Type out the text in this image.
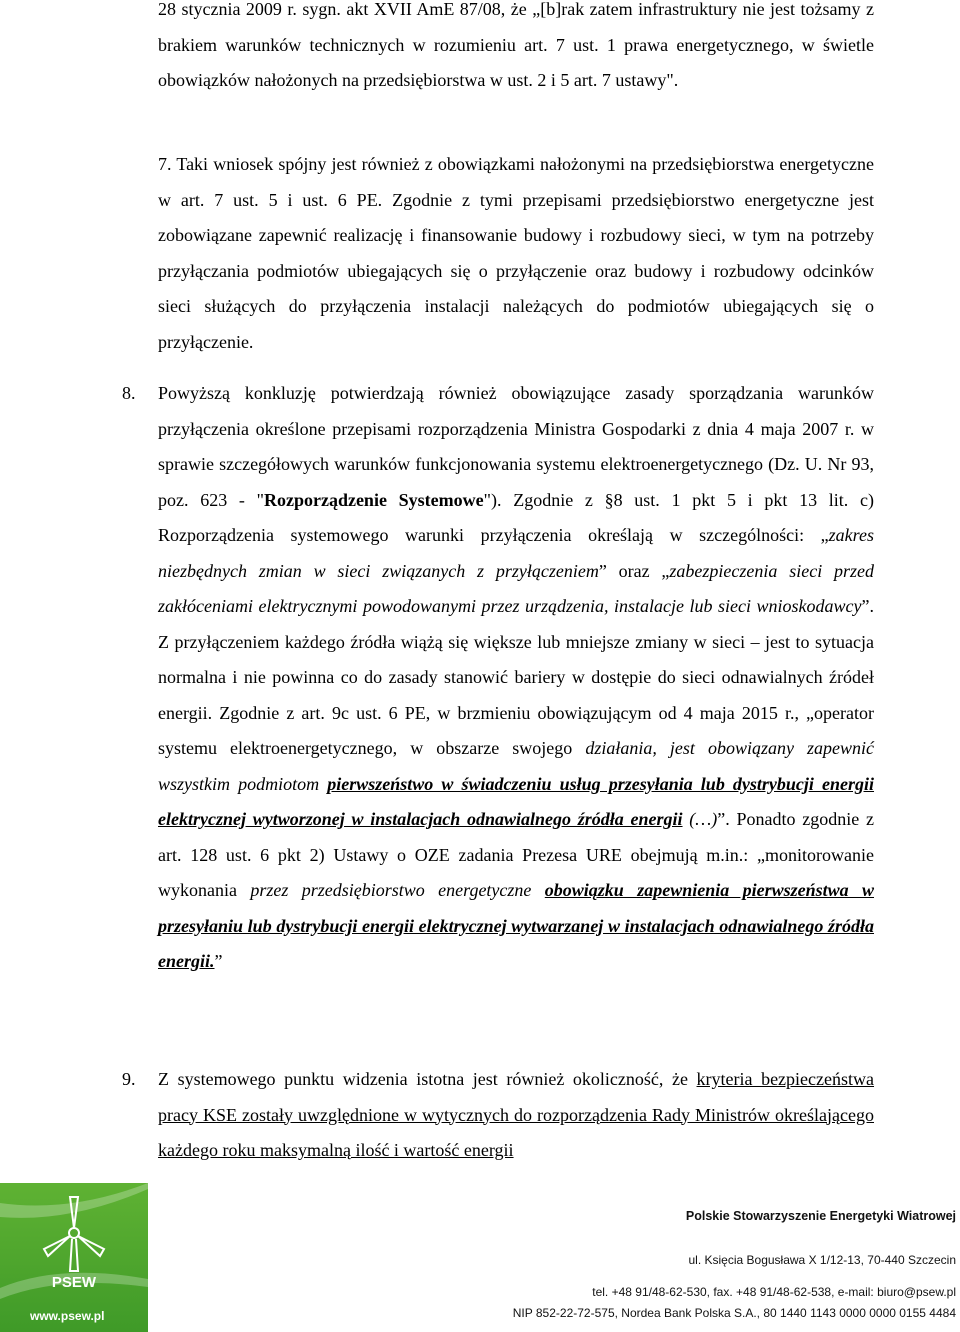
28 stycznia 2009 r. sygn. akt XVII AmE 87/08, że „[b]rak zatem infrastruktury nie jest tożsamy z brakiem warunków technicznych w rozumieniu art. 7 ust. 1 prawa energetycznego, w świetle obowiązków nałożonych na przedsiębiorstwa w ust. 2 i 5 art. 7 ustawy".
7. Taki wniosek spójny jest również z obowiązkami nałożonymi na przedsiębiorstwa energetyczne w art. 7 ust. 5 i ust. 6 PE. Zgodnie z tymi przepisami przedsiębiorstwo energetyczne jest zobowiązane zapewnić realizację i finansowanie budowy i rozbudowy sieci, w tym na potrzeby przyłączania podmiotów ubiegających się o przyłączenie oraz budowy i rozbudowy odcinków sieci służących do przyłączenia instalacji należących do podmiotów ubiegających się o przyłączenie.
8. Powyższą konkluzję potwierdzają również obowiązujące zasady sporządzania warunków przyłączenia określone przepisami rozporządzenia Ministra Gospodarki z dnia 4 maja 2007 r. w sprawie szczegółowych warunków funkcjonowania systemu elektroenergetycznego (Dz. U. Nr 93, poz. 623 - "Rozporządzenie Systemowe"). Zgodnie z §8 ust. 1 pkt 5 i pkt 13 lit. c) Rozporządzenia systemowego warunki przyłączenia określają w szczególności: „zakres niezbędnych zmian w sieci związanych z przyłączeniem” oraz „zabezpieczenia sieci przed zakłóceniami elektrycznymi powodowanymi przez urządzenia, instalacje lub sieci wnioskodawcy”. Z przyłączeniem każdego źródła wiążą się większe lub mniejsze zmiany w sieci – jest to sytuacja normalna i nie powinna co do zasady stanowić bariery w dostępie do sieci odnawialnych źródeł energii. Zgodnie z art. 9c ust. 6 PE, w brzmieniu obowiązującym od 4 maja 2015 r., „operator systemu elektroenergetycznego, w obszarze swojego działania, jest obowiązany zapewnić wszystkim podmiotom pierwszeństwo w świadczeniu usług przesyłania lub dystrybucji energii elektrycznej wytworzonej w instalacjach odnawialnego źródła energii (…)”. Ponadto zgodnie z art. 128 ust. 6 pkt 2) Ustawy o OZE zadania Prezesa URE obejmują m.in.: „monitorowanie wykonania przez przedsiębiorstwo energetyczne obowiązku zapewnienia pierwszeństwa w przesyłaniu lub dystrybucji energii elektrycznej wytwarzanej w instalacjach odnawialnego źródła energii.”
9. Z systemowego punktu widzenia istotna jest również okoliczność, że kryteria bezpieczeństwa pracy KSE zostały uwzględnione w wytycznych do rozporządzenia Rady Ministrów określającego każdego roku maksymalną ilość i wartość energii
PSEW
www.psew.pl
Polskie Stowarzyszenie Energetyki Wiatrowej
ul. Księcia Bogusława X 1/12-13, 70-440 Szczecin
tel. +48 91/48-62-530, fax. +48 91/48-62-538, e-mail: biuro@psew.pl
NIP 852-22-72-575, Nordea Bank Polska S.A., 80 1440 1143 0000 0000 0155 4484
